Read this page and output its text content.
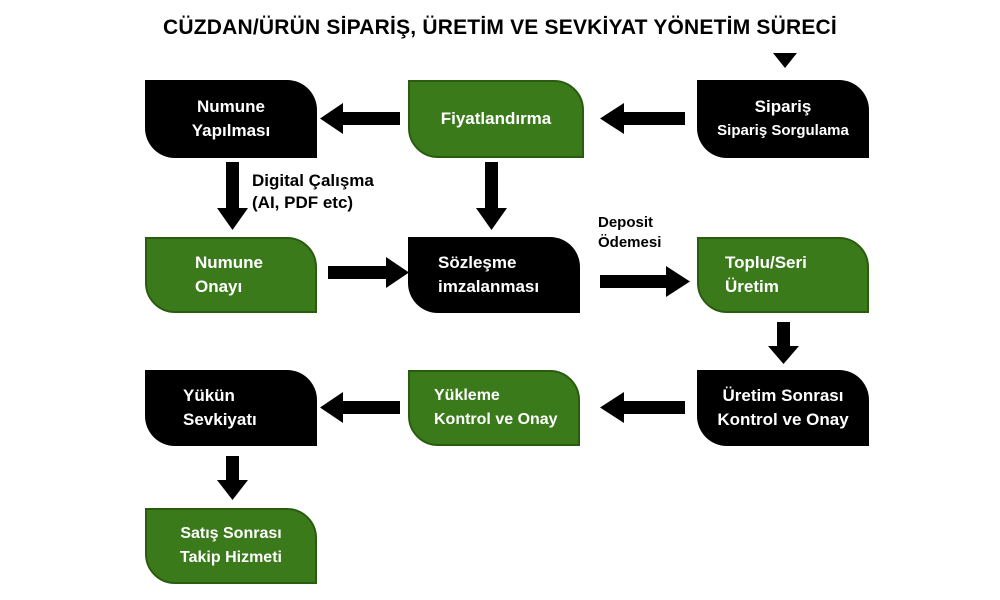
CÜZDAN/ÜRÜN SİPARİŞ, ÜRETİM VE SEVKİYAT YÖNETİM SÜRECİ
Sipariş
Sipariş Sorgulama
Fiyatlandırma
Numune
Yapılması
Digital Çalışma
(AI, PDF etc)
Deposit
Ödemesi
Numune
Onayı
Sözleşme
imzalanması
Toplu/Seri
Üretim
Üretim Sonrası
Kontrol ve Onay
Yükleme
Kontrol ve Onay
Yükün
Sevkiyatı
Satış Sonrası
Takip Hizmeti
